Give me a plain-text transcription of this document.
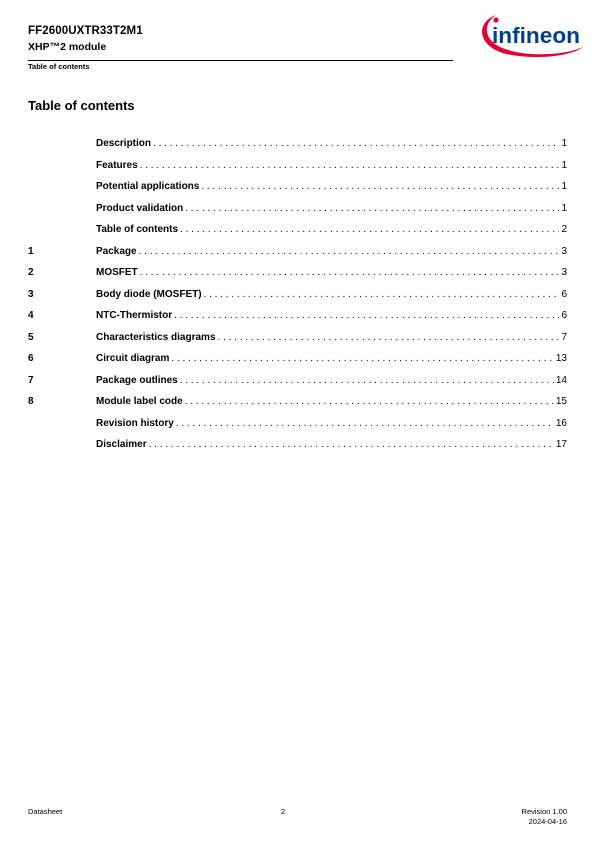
FF2600UXTR33T2M1
XHP™2 module
Table of contents
infineon
Table of contents
Description . . .	1
Features . . .	1
Potential applications . . .	1
Product validation . . .	1
Table of contents . . .	2
1	Package . . .	3
2	MOSFET . . .	3
3	Body diode (MOSFET) . . .	6
4	NTC-Thermistor . . .	6
5	Characteristics diagrams . . .	7
6	Circuit diagram . . .	13
7	Package outlines . . .	14
8	Module label code . . .	15
Revision history . . .	16
Disclaimer . . .	17
Datasheet	2	Revision 1.00
2024-04-16
